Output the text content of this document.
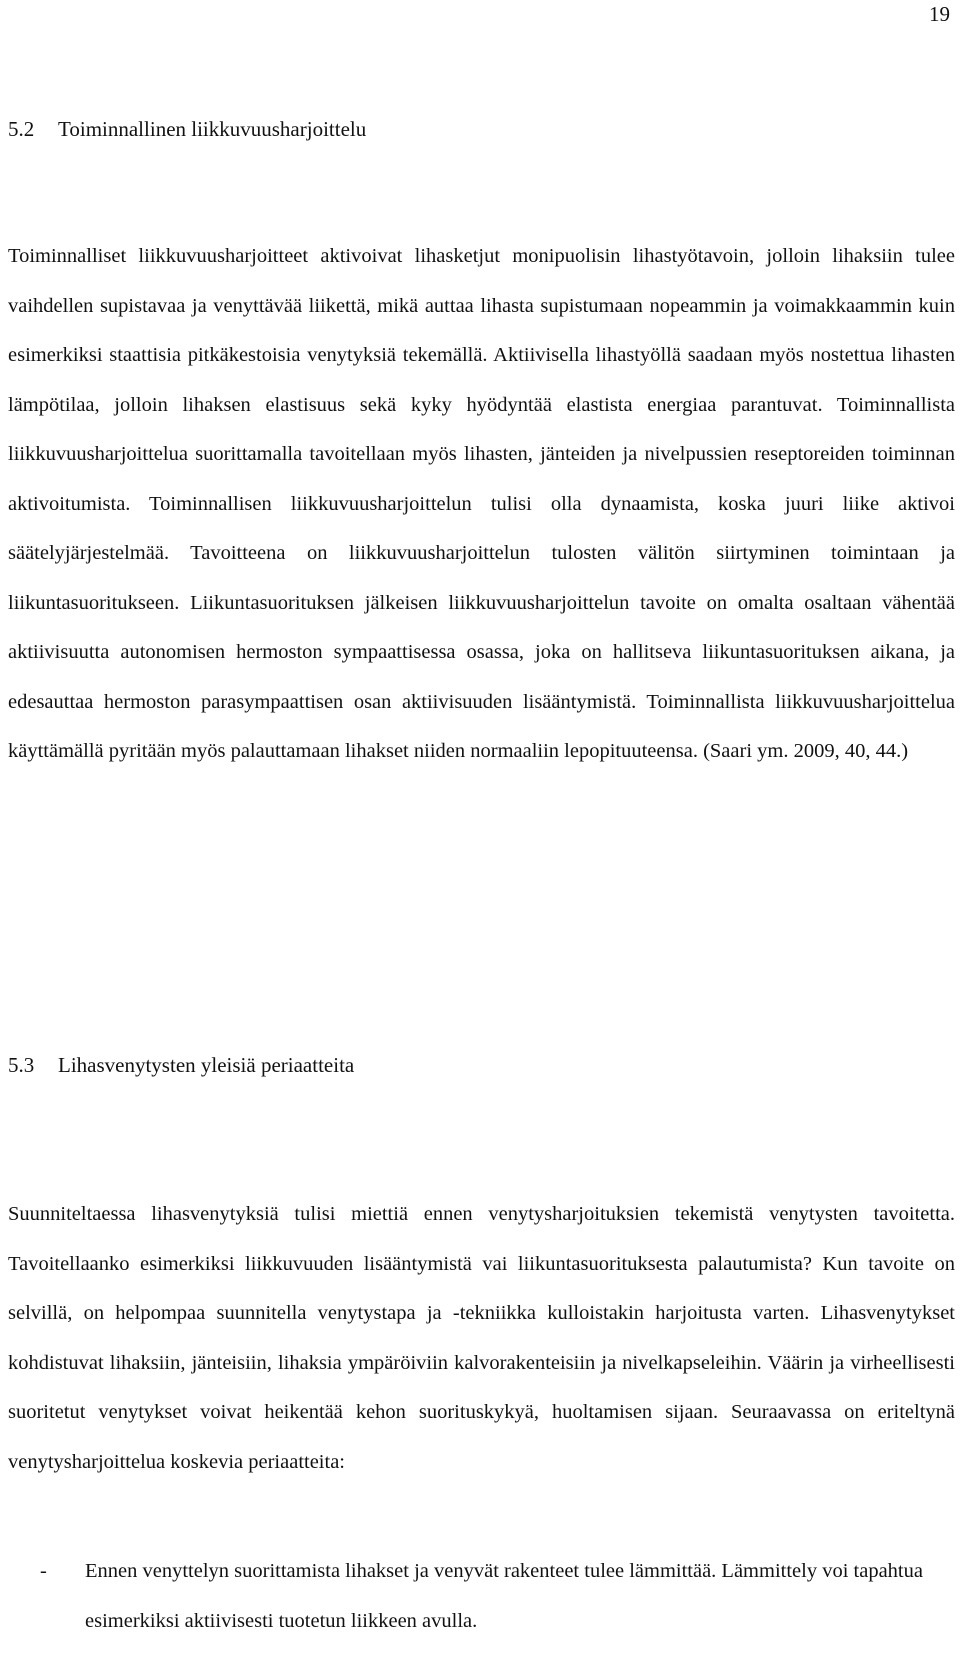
19
5.2 Toiminnallinen liikkuvuusharjoittelu

Toiminnalliset liikkuvuusharjoitteet aktivoivat lihasketjut monipuolisin lihastyötavoin, jolloin lihaksiin tulee vaihdellen supistavaa ja venyttävää liikettä, mikä auttaa lihasta supistumaan nopeammin ja voimakkaammin kuin esimerkiksi staattisia pitkäkestoisia venytyksiä tekemällä. Aktiivisella lihastyöllä saadaan myös nostettua lihasten lämpötilaa, jolloin lihaksen elastisuus sekä kyky hyödyntää elastista energiaa parantuvat. Toiminnallista liikkuvuusharjoittelua suorittamalla tavoitellaan myös lihasten, jänteiden ja nivelpussien reseptoreiden toiminnan aktivoitumista. Toiminnallisen liikkuvuusharjoittelun tulisi olla dynaamista, koska juuri liike aktivoi säätelyjärjestelmää. Tavoitteena on liikkuvuusharjoittelun tulosten välitön siirtyminen toimintaan ja liikuntasuoritukseen. Liikuntasuorituksen jälkeisen liikkuvuusharjoittelun tavoite on omalta osaltaan vähentää aktiivisuutta autonomisen hermoston sympaattisessa osassa, joka on hallitseva liikuntasuorituksen aikana, ja edesauttaa hermoston parasympaattisen osan aktiivisuuden lisääntymistä. Toiminnallista liikkuvuusharjoittelua käyttämällä pyritään myös palauttamaan lihakset niiden normaaliin lepopituuteensa. (Saari ym. 2009, 40, 44.)

5.3 Lihasvenytysten yleisiä periaatteita

Suunniteltaessa lihasvenytyksiä tulisi miettiä ennen venytysharjoituksien tekemistä venytysten tavoitetta. Tavoitellaanko esimerkiksi liikkuvuuden lisääntymistä vai liikuntasuorituksesta palautumista? Kun tavoite on selvillä, on helpompaa suunnitella venytystapa ja -tekniikka kulloistakin harjoitusta varten. Lihasvenytykset kohdistuvat lihaksiin, jänteisiin, lihaksia ympäröiviin kalvorakenteisiin ja nivelkapseleihin. Väärin ja virheellisesti suoritetut venytykset voivat heikentää kehon suorituskykyä, huoltamisen sijaan. Seuraavassa on eriteltynä venytysharjoittelua koskevia periaatteita:

-	Ennen venyttelyn suorittamista lihakset ja venyvät rakenteet tulee lämmittää. Lämmittely voi tapahtua esimerkiksi aktiivisesti tuotetun liikkeen avulla.
